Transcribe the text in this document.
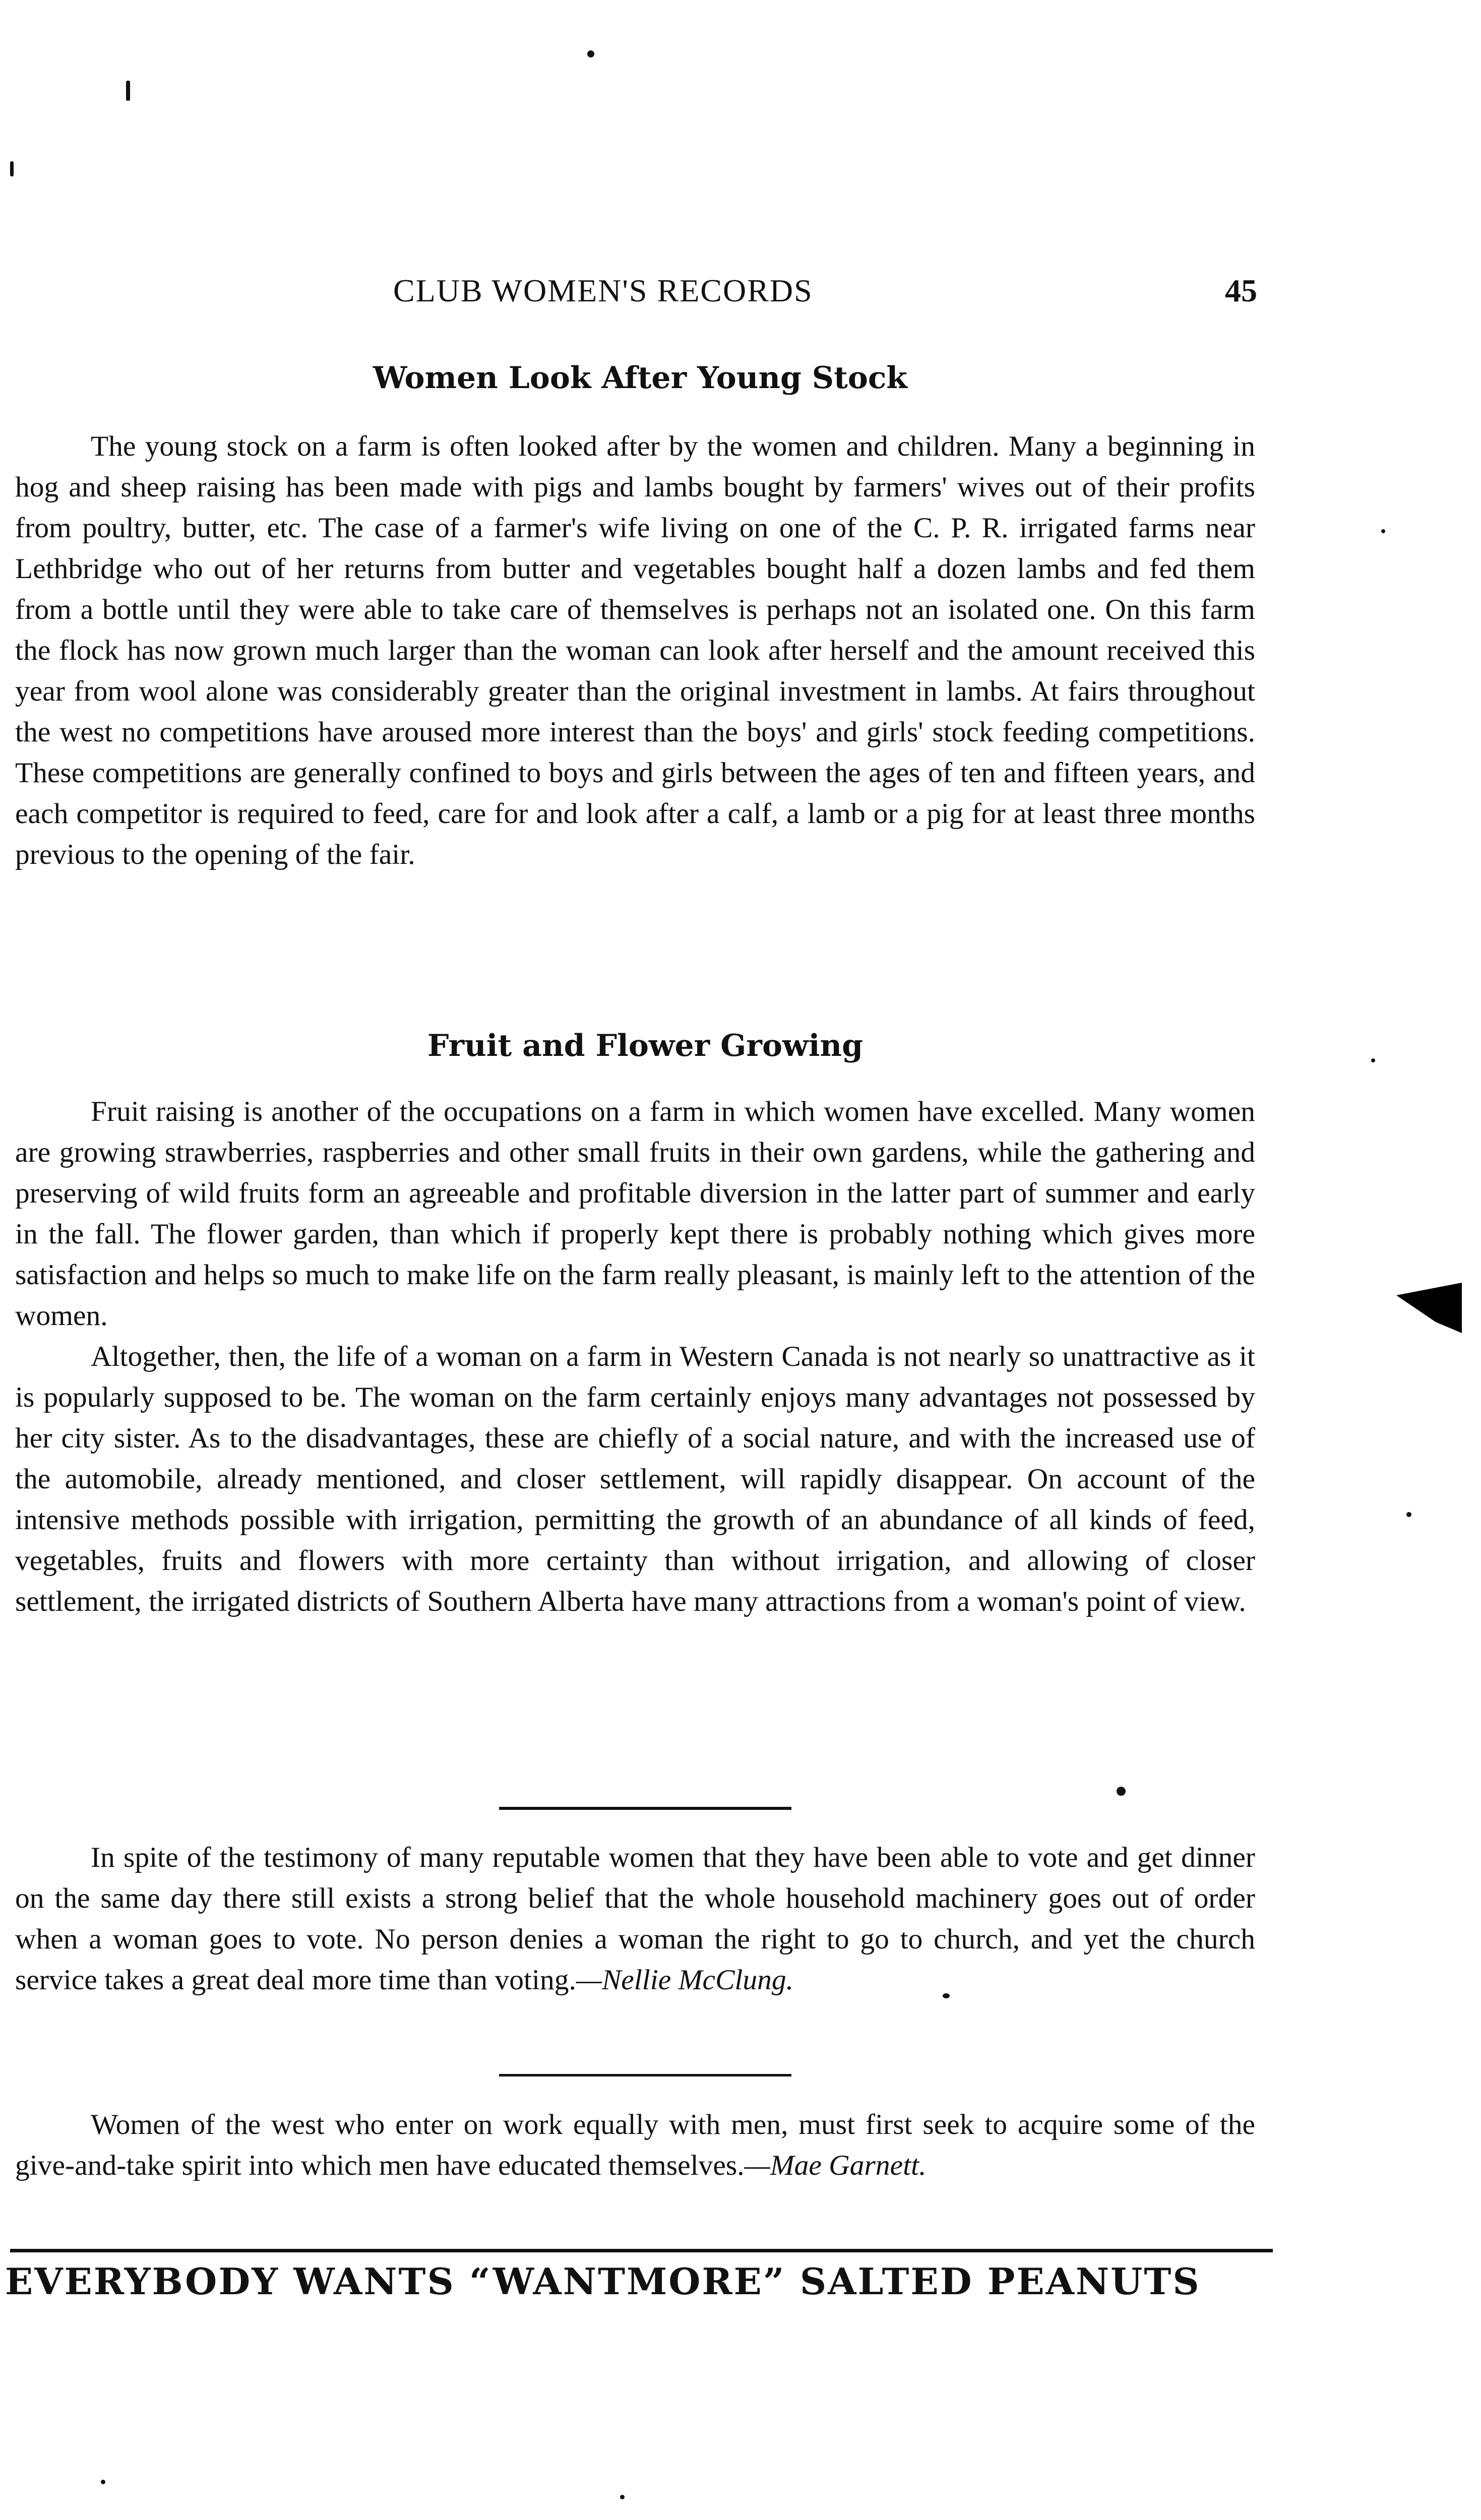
CLUB WOMEN'S RECORDS	45
Women Look After Young Stock

The young stock on a farm is often looked after by the women and children. Many a beginning in hog and sheep raising has been made with pigs and lambs bought by farmers' wives out of their profits from poultry, butter, etc. The case of a farmer's wife living on one of the C. P. R. irrigated farms near Lethbridge who out of her returns from butter and vegetables bought half a dozen lambs and fed them from a bottle until they were able to take care of themselves is perhaps not an isolated one. On this farm the flock has now grown much larger than the woman can look after herself and the amount received this year from wool alone was considerably greater than the original investment in lambs. At fairs throughout the west no competitions have aroused more interest than the boys' and girls' stock feeding competitions. These competitions are generally confined to boys and girls between the ages of ten and fifteen years, and each competitor is required to feed, care for and look after a calf, a lamb or a pig for at least three months previous to the opening of the fair.

Fruit and Flower Growing

Fruit raising is another of the occupations on a farm in which women have excelled. Many women are growing strawberries, raspberries and other small fruits in their own gardens, while the gathering and preserving of wild fruits form an agreeable and profitable diversion in the latter part of summer and early in the fall. The flower garden, than which if properly kept there is probably nothing which gives more satisfaction and helps so much to make life on the farm really pleasant, is mainly left to the attention of the women.

Altogether, then, the life of a woman on a farm in Western Canada is not nearly so unattractive as it is popularly supposed to be. The woman on the farm certainly enjoys many advantages not possessed by her city sister. As to the disadvantages, these are chiefly of a social nature, and with the increased use of the automobile, already mentioned, and closer settlement, will rapidly disappear. On account of the intensive methods possible with irrigation, permitting the growth of an abundance of all kinds of feed, vegetables, fruits and flowers with more certainty than without irrigation, and allowing of closer settlement, the irrigated districts of Southern Alberta have many attractions from a woman's point of view.

In spite of the testimony of many reputable women that they have been able to vote and get dinner on the same day there still exists a strong belief that the whole household machinery goes out of order when a woman goes to vote. No person denies a woman the right to go to church, and yet the church service takes a great deal more time than voting.—Nellie McClung.

Women of the west who enter on work equally with men, must first seek to acquire some of the give-and-take spirit into which men have educated themselves.—Mae Garnett.

EVERYBODY WANTS “WANTMORE” SALTED PEANUTS
